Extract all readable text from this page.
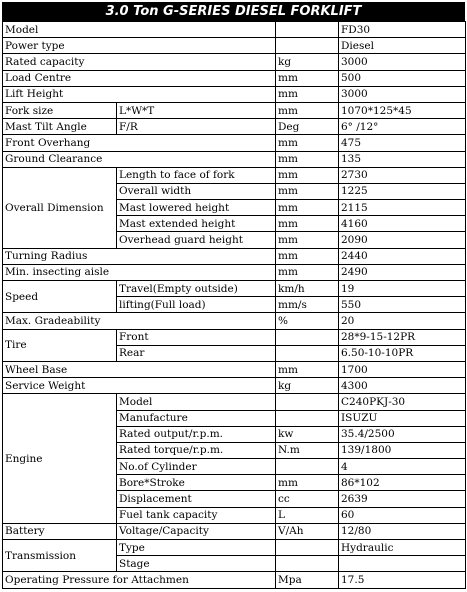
3.0 Ton G-SERIES DIESEL FORKLIFT
Model			FD30
Power type			Diesel
Rated capacity		kg	3000
Load Centre		mm	500
Lift Height		mm	3000
Fork size	L*W*T	mm	1070*125*45
Mast Tilt Angle	F/R	Deg	6° /12°
Front Overhang		mm	475
Ground Clearance		mm	135
Overall Dimension	Length to face of fork	mm	2730
	Overall width	mm	1225
	Mast lowered height	mm	2115
	Mast extended height	mm	4160
	Overhead guard height	mm	2090
Turning Radius		mm	2440
Min. insecting aisle		mm	2490
Speed	Travel(Empty outside)	km/h	19
	lifting(Full load)	mm/s	550
Max. Gradeability		%	20
Tire	Front		28*9-15-12PR
	Rear		6.50-10-10PR
Wheel Base		mm	1700
Service Weight		kg	4300
Engine	Model		C240PKJ-30
	Manufacture		ISUZU
	Rated output/r.p.m.	kw	35.4/2500
	Rated torque/r.p.m.	N.m	139/1800
	No.of Cylinder		4
	Bore*Stroke	mm	86*102
	Displacement	cc	2639
	Fuel tank capacity	L	60
Battery	Voltage/Capacity	V/Ah	12/80
Transmission	Type		Hydraulic
	Stage		
Operating Pressure for Attachmen		Mpa	17.5
